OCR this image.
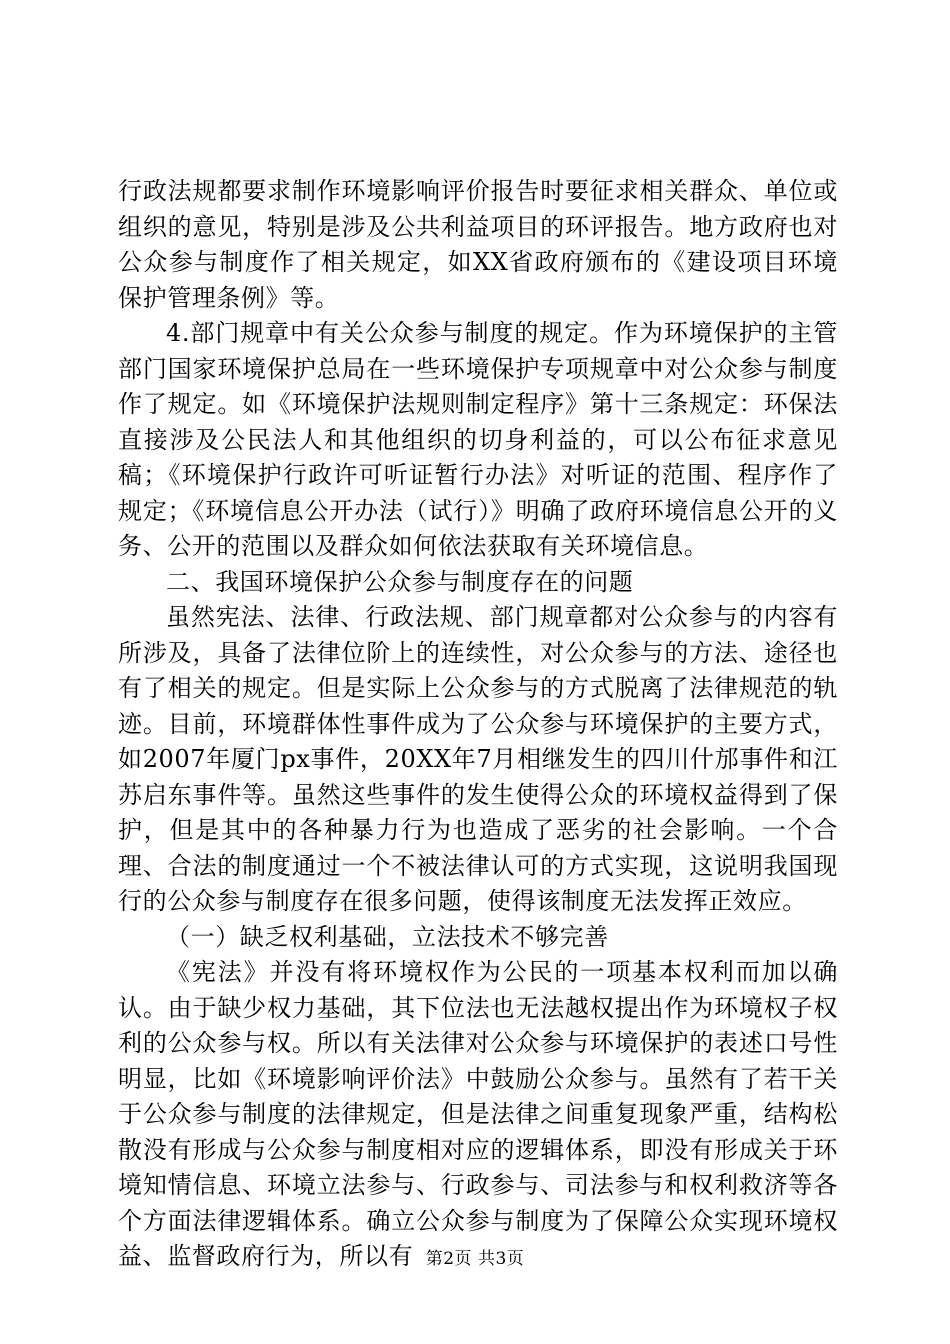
行政法规都要求制作环境影响评价报告时要征求相关群众、单位或组织的意见，特别是涉及公共利益项目的环评报告。地方政府也对公众参与制度作了相关规定，如XX省政府颁布的《建设项目环境保护管理条例》等。

4.部门规章中有关公众参与制度的规定。作为环境保护的主管部门国家环境保护总局在一些环境保护专项规章中对公众参与制度作了规定。如《环境保护法规则制定程序》第十三条规定：环保法直接涉及公民法人和其他组织的切身利益的，可以公布征求意见稿；《环境保护行政许可听证暂行办法》对听证的范围、程序作了规定；《环境信息公开办法（试行）》明确了政府环境信息公开的义务、公开的范围以及群众如何依法获取有关环境信息。

二、我国环境保护公众参与制度存在的问题

虽然宪法、法律、行政法规、部门规章都对公众参与的内容有所涉及，具备了法律位阶上的连续性，对公众参与的方法、途径也有了相关的规定。但是实际上公众参与的方式脱离了法律规范的轨迹。目前，环境群体性事件成为了公众参与环境保护的主要方式，如2007年厦门px事件，20XX年7月相继发生的四川什邡事件和江苏启东事件等。虽然这些事件的发生使得公众的环境权益得到了保护，但是其中的各种暴力行为也造成了恶劣的社会影响。一个合理、合法的制度通过一个不被法律认可的方式实现，这说明我国现行的公众参与制度存在很多问题，使得该制度无法发挥正效应。

（一）缺乏权利基础，立法技术不够完善

《宪法》并没有将环境权作为公民的一项基本权利而加以确认。由于缺少权力基础，其下位法也无法越权提出作为环境权子权利的公众参与权。所以有关法律对公众参与环境保护的表述口号性明显，比如《环境影响评价法》中鼓励公众参与。虽然有了若干关于公众参与制度的法律规定，但是法律之间重复现象严重，结构松散没有形成与公众参与制度相对应的逻辑体系，即没有形成关于环境知情信息、环境立法参与、行政参与、司法参与和权利救济等各个方面法律逻辑体系。确立公众参与制度为了保障公众实现环境权益、监督政府行为，所以有 第2页 共3页
